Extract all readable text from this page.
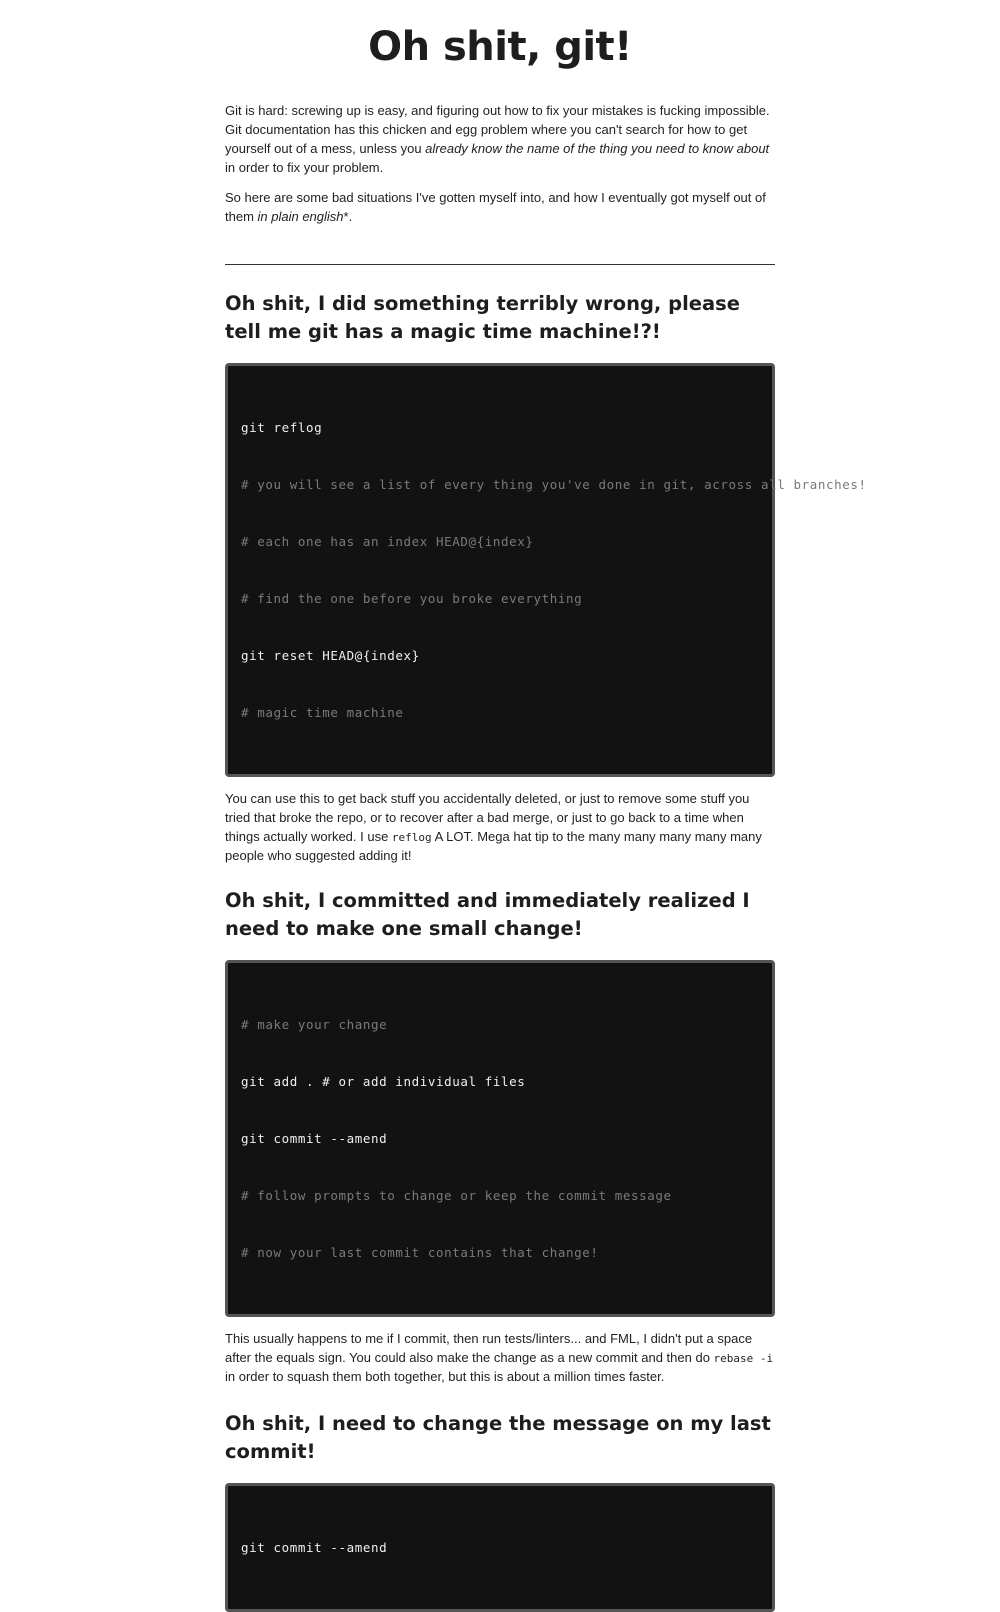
Oh shit, git!

Git is hard: screwing up is easy, and figuring out how to fix your mistakes is fucking impossible. Git documentation has this chicken and egg problem where you can't search for how to get yourself out of a mess, unless you already know the name of the thing you need to know about in order to fix your problem.

So here are some bad situations I've gotten myself into, and how I eventually got myself out of them in plain english*.

Oh shit, I did something terribly wrong, please tell me git has a magic time machine!?!

git reflog

# you will see a list of every thing you've done in git, across all branches!

# each one has an index HEAD@{index}

# find the one before you broke everything

git reset HEAD@{index}

# magic time machine

You can use this to get back stuff you accidentally deleted, or just to remove some stuff you tried that broke the repo, or to recover after a bad merge, or just to go back to a time when things actually worked. I use reflog A LOT. Mega hat tip to the many many many many many people who suggested adding it!

Oh shit, I committed and immediately realized I need to make one small change!

# make your change

git add . # or add individual files

git commit --amend

# follow prompts to change or keep the commit message

# now your last commit contains that change!

This usually happens to me if I commit, then run tests/linters... and FML, I didn't put a space after the equals sign. You could also make the change as a new commit and then do rebase -i in order to squash them both together, but this is about a million times faster.

Oh shit, I need to change the message on my last commit!

git commit --amend
